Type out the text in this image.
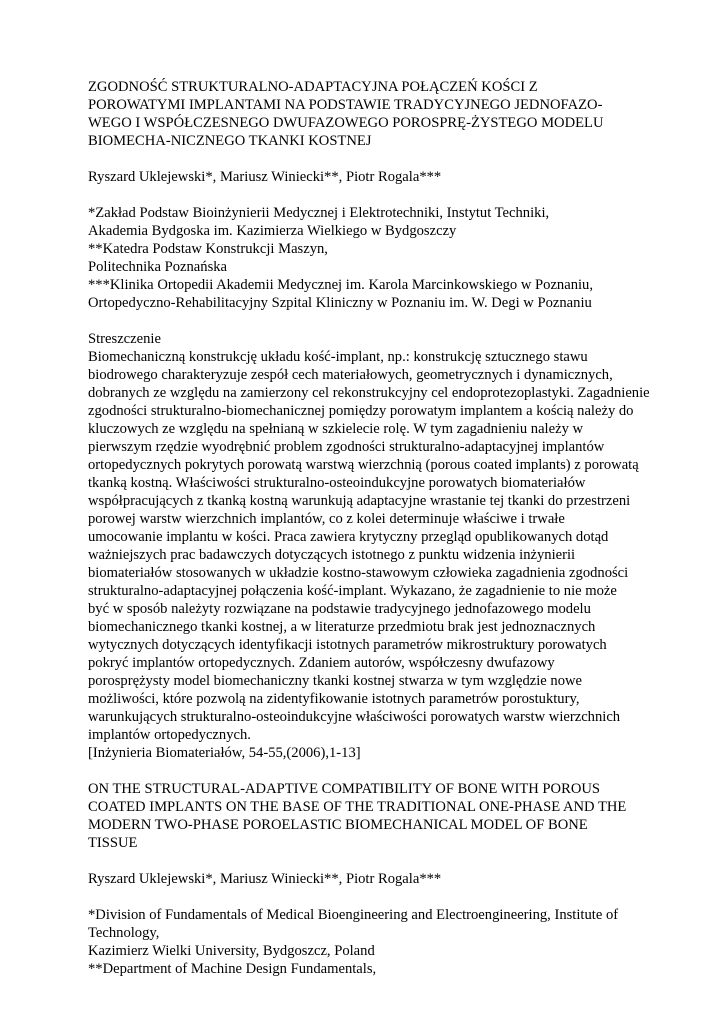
ZGODNOŚĆ STRUKTURALNO-ADAPTACYJNA POŁĄCZEŃ KOŚCI Z
POROWATYMI IMPLANTAMI NA PODSTAWIE TRADYCYJNEGO JEDNOFAZO-
WEGO I WSPÓŁCZESNEGO DWUFAZOWEGO POROSPRĘ-ŻYSTEGO MODELU
BIOMECHA-NICZNEGO TKANKI KOSTNEJ
Ryszard Uklejewski*, Mariusz Winiecki**, Piotr Rogala***
*Zakład Podstaw Bioinżynierii Medycznej i Elektrotechniki, Instytut Techniki,
Akademia Bydgoska im. Kazimierza Wielkiego w Bydgoszczy
**Katedra Podstaw Konstrukcji Maszyn,
Politechnika Poznańska
***Klinika Ortopedii Akademii Medycznej im. Karola Marcinkowskiego w Poznaniu,
Ortopedyczno-Rehabilitacyjny Szpital Kliniczny w Poznaniu im. W. Degi w Poznaniu
Streszczenie
Biomechaniczną konstrukcję układu kość-implant, np.: konstrukcję sztucznego stawu
biodrowego charakteryzuje zespół cech materiałowych, geometrycznych i dynamicznych,
dobranych ze względu na zamierzony cel rekonstrukcyjny cel endoprotezoplastyki. Zagadnienie
zgodności strukturalno-biomechanicznej pomiędzy porowatym implantem a kością należy do
kluczowych ze względu na spełnianą w szkielecie rolę. W tym zagadnieniu należy w
pierwszym rzędzie wyodrębnić problem zgodności strukturalno-adaptacyjnej implantów
ortopedycznych pokrytych porowatą warstwą wierzchnią (porous coated implants) z porowatą
tkanką kostną. Właściwości strukturalno-osteoindukcyjne porowatych biomateriałów
współpracujących z tkanką kostną warunkują adaptacyjne wrastanie tej tkanki do przestrzeni
porowej warstw wierzchnich implantów, co z kolei determinuje właściwe i trwałe
umocowanie implantu w kości. Praca zawiera krytyczny przegląd opublikowanych dotąd
ważniejszych prac badawczych dotyczących istotnego z punktu widzenia inżynierii
biomateriałów stosowanych w układzie kostno-stawowym człowieka zagadnienia zgodności
strukturalno-adaptacyjnej połączenia kość-implant. Wykazano, że zagadnienie to nie może
być w sposób należyty rozwiązane na podstawie tradycyjnego jednofazowego modelu
biomechanicznego tkanki kostnej, a w literaturze przedmiotu brak jest jednoznacznych
wytycznych dotyczących identyfikacji istotnych parametrów mikrostruktury porowatych
pokryć implantów ortopedycznych. Zdaniem autorów, współczesny dwufazowy
porosprężysty model biomechaniczny tkanki kostnej stwarza w tym względzie nowe
możliwości, które pozwolą na zidentyfikowanie istotnych parametrów porostuktury,
warunkujących strukturalno-osteoindukcyjne właściwości porowatych warstw wierzchnich
implantów ortopedycznych.
[Inżynieria Biomateriałów, 54-55,(2006),1-13]
ON THE STRUCTURAL-ADAPTIVE COMPATIBILITY OF BONE WITH POROUS
COATED IMPLANTS ON THE BASE OF THE TRADITIONAL ONE-PHASE AND THE
MODERN TWO-PHASE POROELASTIC BIOMECHANICAL MODEL OF BONE
TISSUE
Ryszard Uklejewski*, Mariusz Winiecki**, Piotr Rogala***
*Division of Fundamentals of Medical Bioengineering and Electroengineering, Institute of
Technology,
Kazimierz Wielki University, Bydgoszcz, Poland
**Department of Machine Design Fundamentals,
